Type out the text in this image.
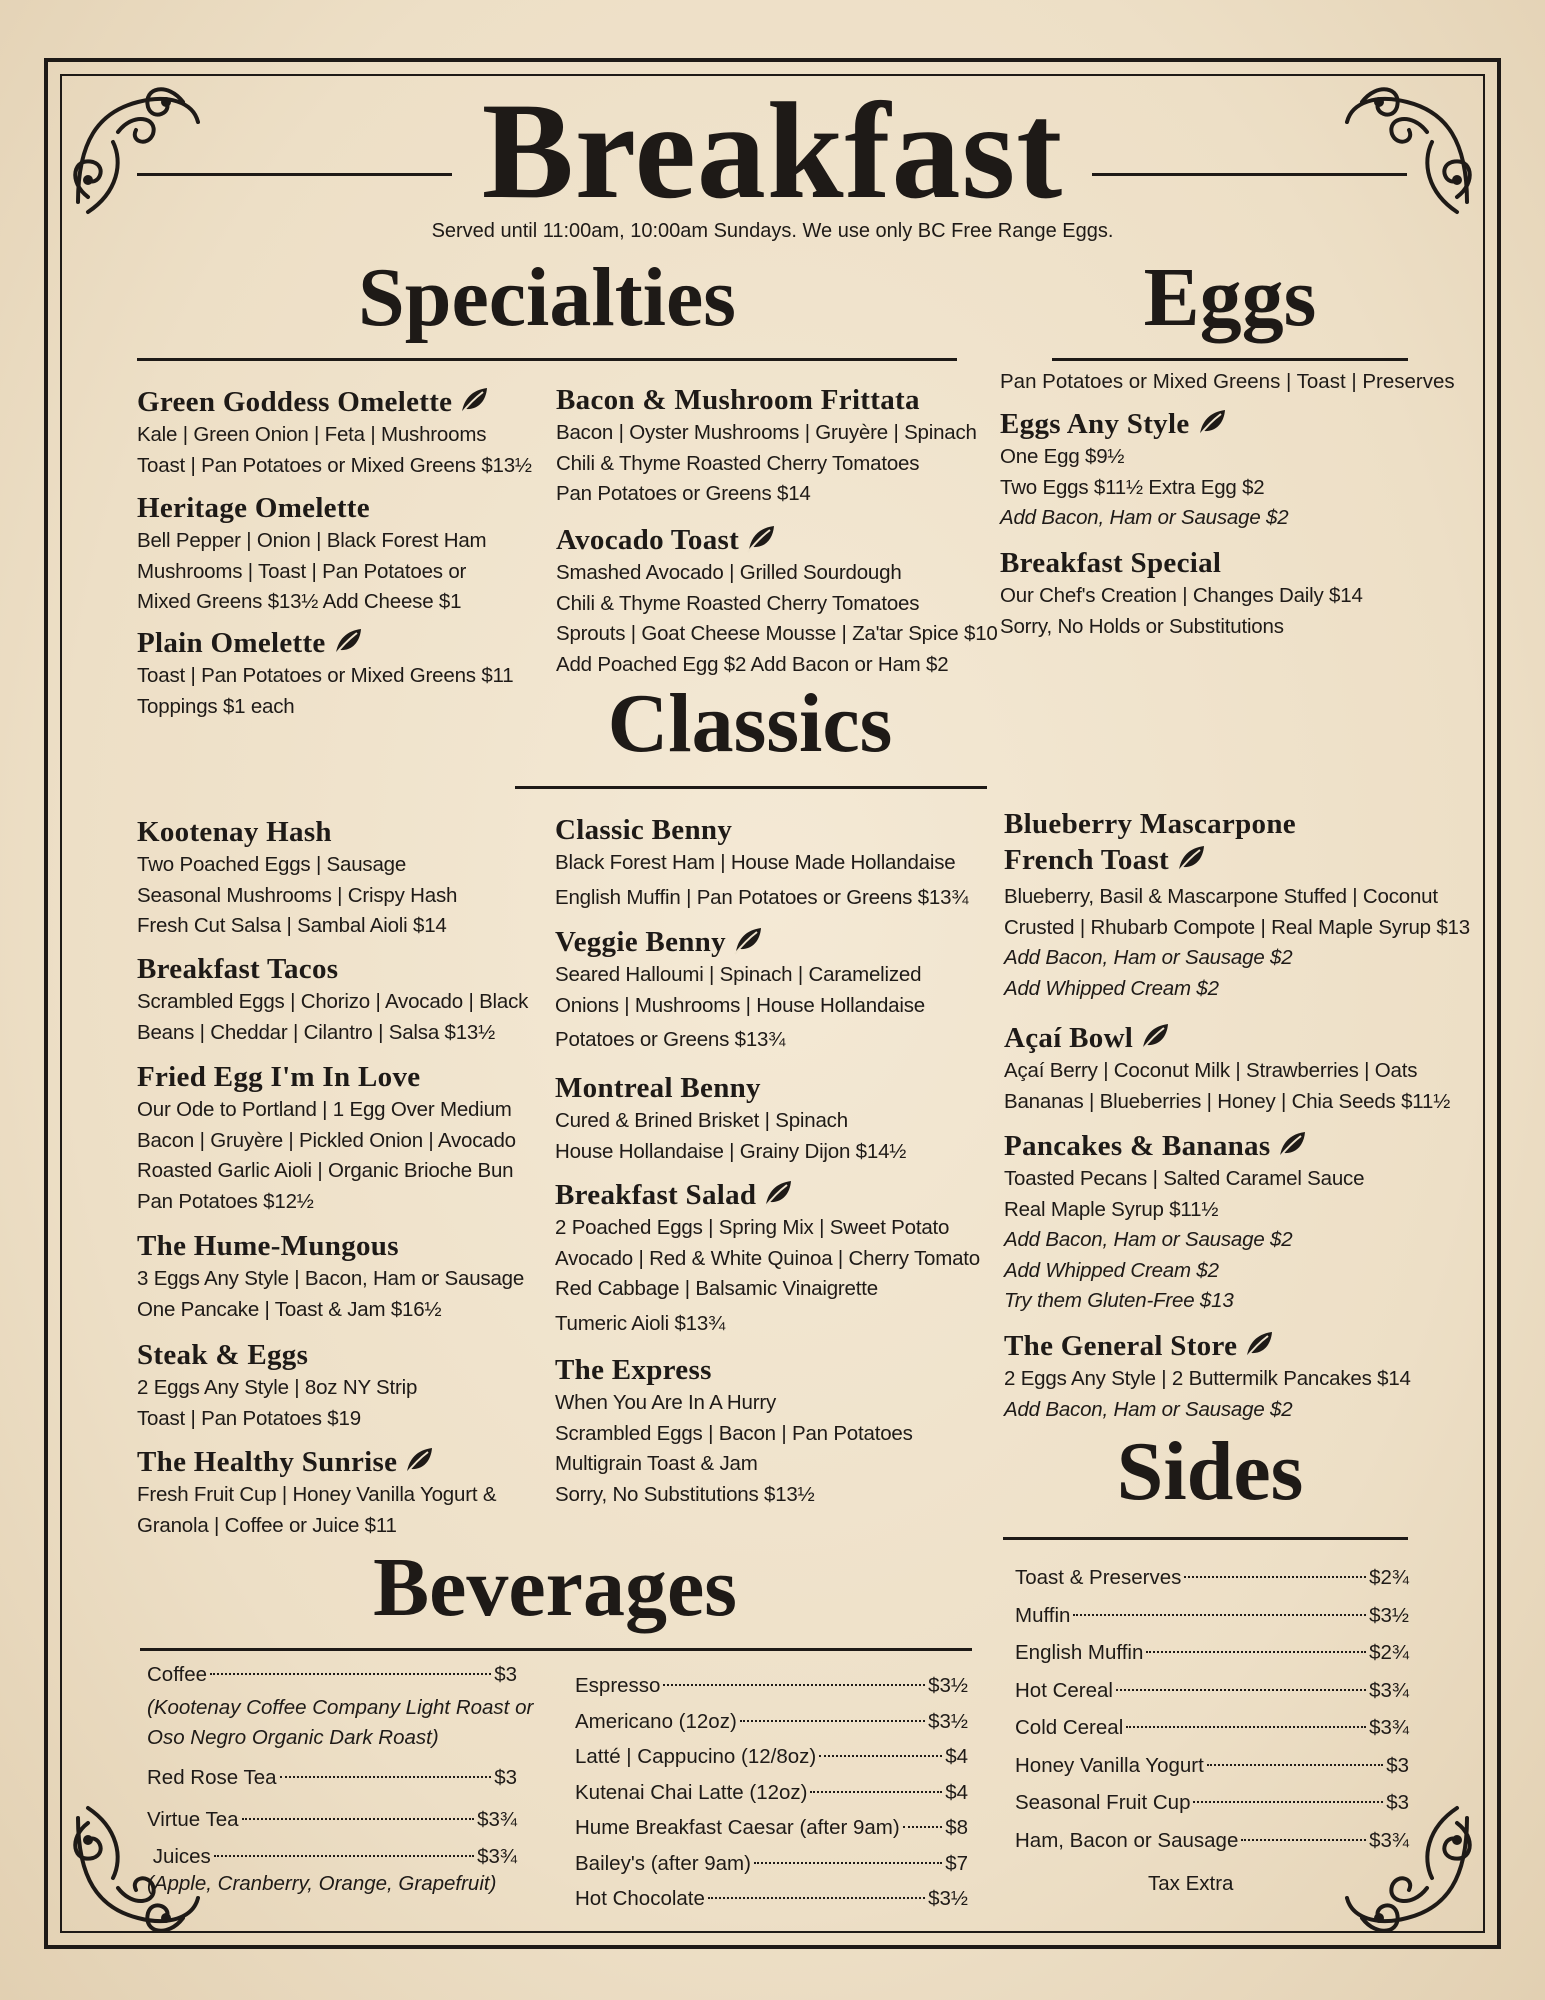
Breakfast
Served until 11:00am, 10:00am Sundays. We use only BC Free Range Eggs.
Specialties	Eggs
Classics
Sides
Beverages
Pan Potatoes or Mixed Greens | Toast | Preserves
Green Goddess Omelette
Kale | Green Onion | Feta | Mushrooms
Toast | Pan Potatoes or Mixed Greens $13½
Heritage Omelette
Bell Pepper | Onion | Black Forest Ham
Mushrooms | Toast | Pan Potatoes or
Mixed Greens $13½ Add Cheese $1
Plain Omelette
Toast | Pan Potatoes or Mixed Greens $11
Toppings $1 each
Bacon & Mushroom Frittata
Bacon | Oyster Mushrooms | Gruyère | Spinach
Chili & Thyme Roasted Cherry Tomatoes
Pan Potatoes or Greens $14
Avocado Toast
Smashed Avocado | Grilled Sourdough
Chili & Thyme Roasted Cherry Tomatoes
Sprouts | Goat Cheese Mousse | Za'tar Spice $10
Add Poached Egg $2 Add Bacon or Ham $2
Eggs Any Style
One Egg $9½
Two Eggs $11½ Extra Egg $2
Add Bacon, Ham or Sausage $2
Breakfast Special
Our Chef's Creation | Changes Daily $14
Sorry, No Holds or Substitutions
Kootenay Hash
Two Poached Eggs | Sausage
Seasonal Mushrooms | Crispy Hash
Fresh Cut Salsa | Sambal Aioli $14
Breakfast Tacos
Scrambled Eggs | Chorizo | Avocado | Black
Beans | Cheddar | Cilantro | Salsa $13½
Fried Egg I'm In Love
Our Ode to Portland | 1 Egg Over Medium
Bacon | Gruyère | Pickled Onion | Avocado
Roasted Garlic Aioli | Organic Brioche Bun
Pan Potatoes $12½
The Hume-Mungous
3 Eggs Any Style | Bacon, Ham or Sausage
One Pancake | Toast & Jam $16½
Steak & Eggs
2 Eggs Any Style | 8oz NY Strip
Toast | Pan Potatoes $19
The Healthy Sunrise
Fresh Fruit Cup | Honey Vanilla Yogurt &
Granola | Coffee or Juice $11
Classic Benny
Black Forest Ham | House Made Hollandaise
English Muffin | Pan Potatoes or Greens $13¾
Veggie Benny
Seared Halloumi | Spinach | Caramelized
Onions | Mushrooms | House Hollandaise
Potatoes or Greens $13¾
Montreal Benny
Cured & Brined Brisket | Spinach
House Hollandaise | Grainy Dijon $14½
Breakfast Salad
2 Poached Eggs | Spring Mix | Sweet Potato
Avocado | Red & White Quinoa | Cherry Tomato
Red Cabbage | Balsamic Vinaigrette
Tumeric Aioli $13¾
The Express
When You Are In A Hurry
Scrambled Eggs | Bacon | Pan Potatoes
Multigrain Toast & Jam
Sorry, No Substitutions $13½
Blueberry Mascarpone
French Toast
Blueberry, Basil & Mascarpone Stuffed | Coconut
Crusted | Rhubarb Compote | Real Maple Syrup $13
Add Bacon, Ham or Sausage $2
Add Whipped Cream $2
Açaí Bowl
Açaí Berry | Coconut Milk | Strawberries | Oats
Bananas | Blueberries | Honey | Chia Seeds $11½
Pancakes & Bananas
Toasted Pecans | Salted Caramel Sauce
Real Maple Syrup $11½
Add Bacon, Ham or Sausage $2
Add Whipped Cream $2
Try them Gluten-Free $13
The General Store
2 Eggs Any Style | 2 Buttermilk Pancakes $14
Add Bacon, Ham or Sausage $2
Toast & Preserves	$2¾
Muffin	$3½
English Muffin	$2¾
Hot Cereal	$3¾
Cold Cereal	$3¾
Honey Vanilla Yogurt	$3
Seasonal Fruit Cup	$3
Ham, Bacon or Sausage	$3¾
Tax Extra
Coffee	$3
(Kootenay Coffee Company Light Roast or
Oso Negro Organic Dark Roast)
Red Rose Tea	$3
Virtue Tea	$3¾
Juices	$3¾
(Apple, Cranberry, Orange, Grapefruit)
Espresso	$3½
Americano (12oz)	$3½
Latté | Cappucino (12/8oz)	$4
Kutenai Chai Latte (12oz)	$4
Hume Breakfast Caesar (after 9am) $8
Bailey's (after 9am)	$7
Hot Chocolate	$3½
